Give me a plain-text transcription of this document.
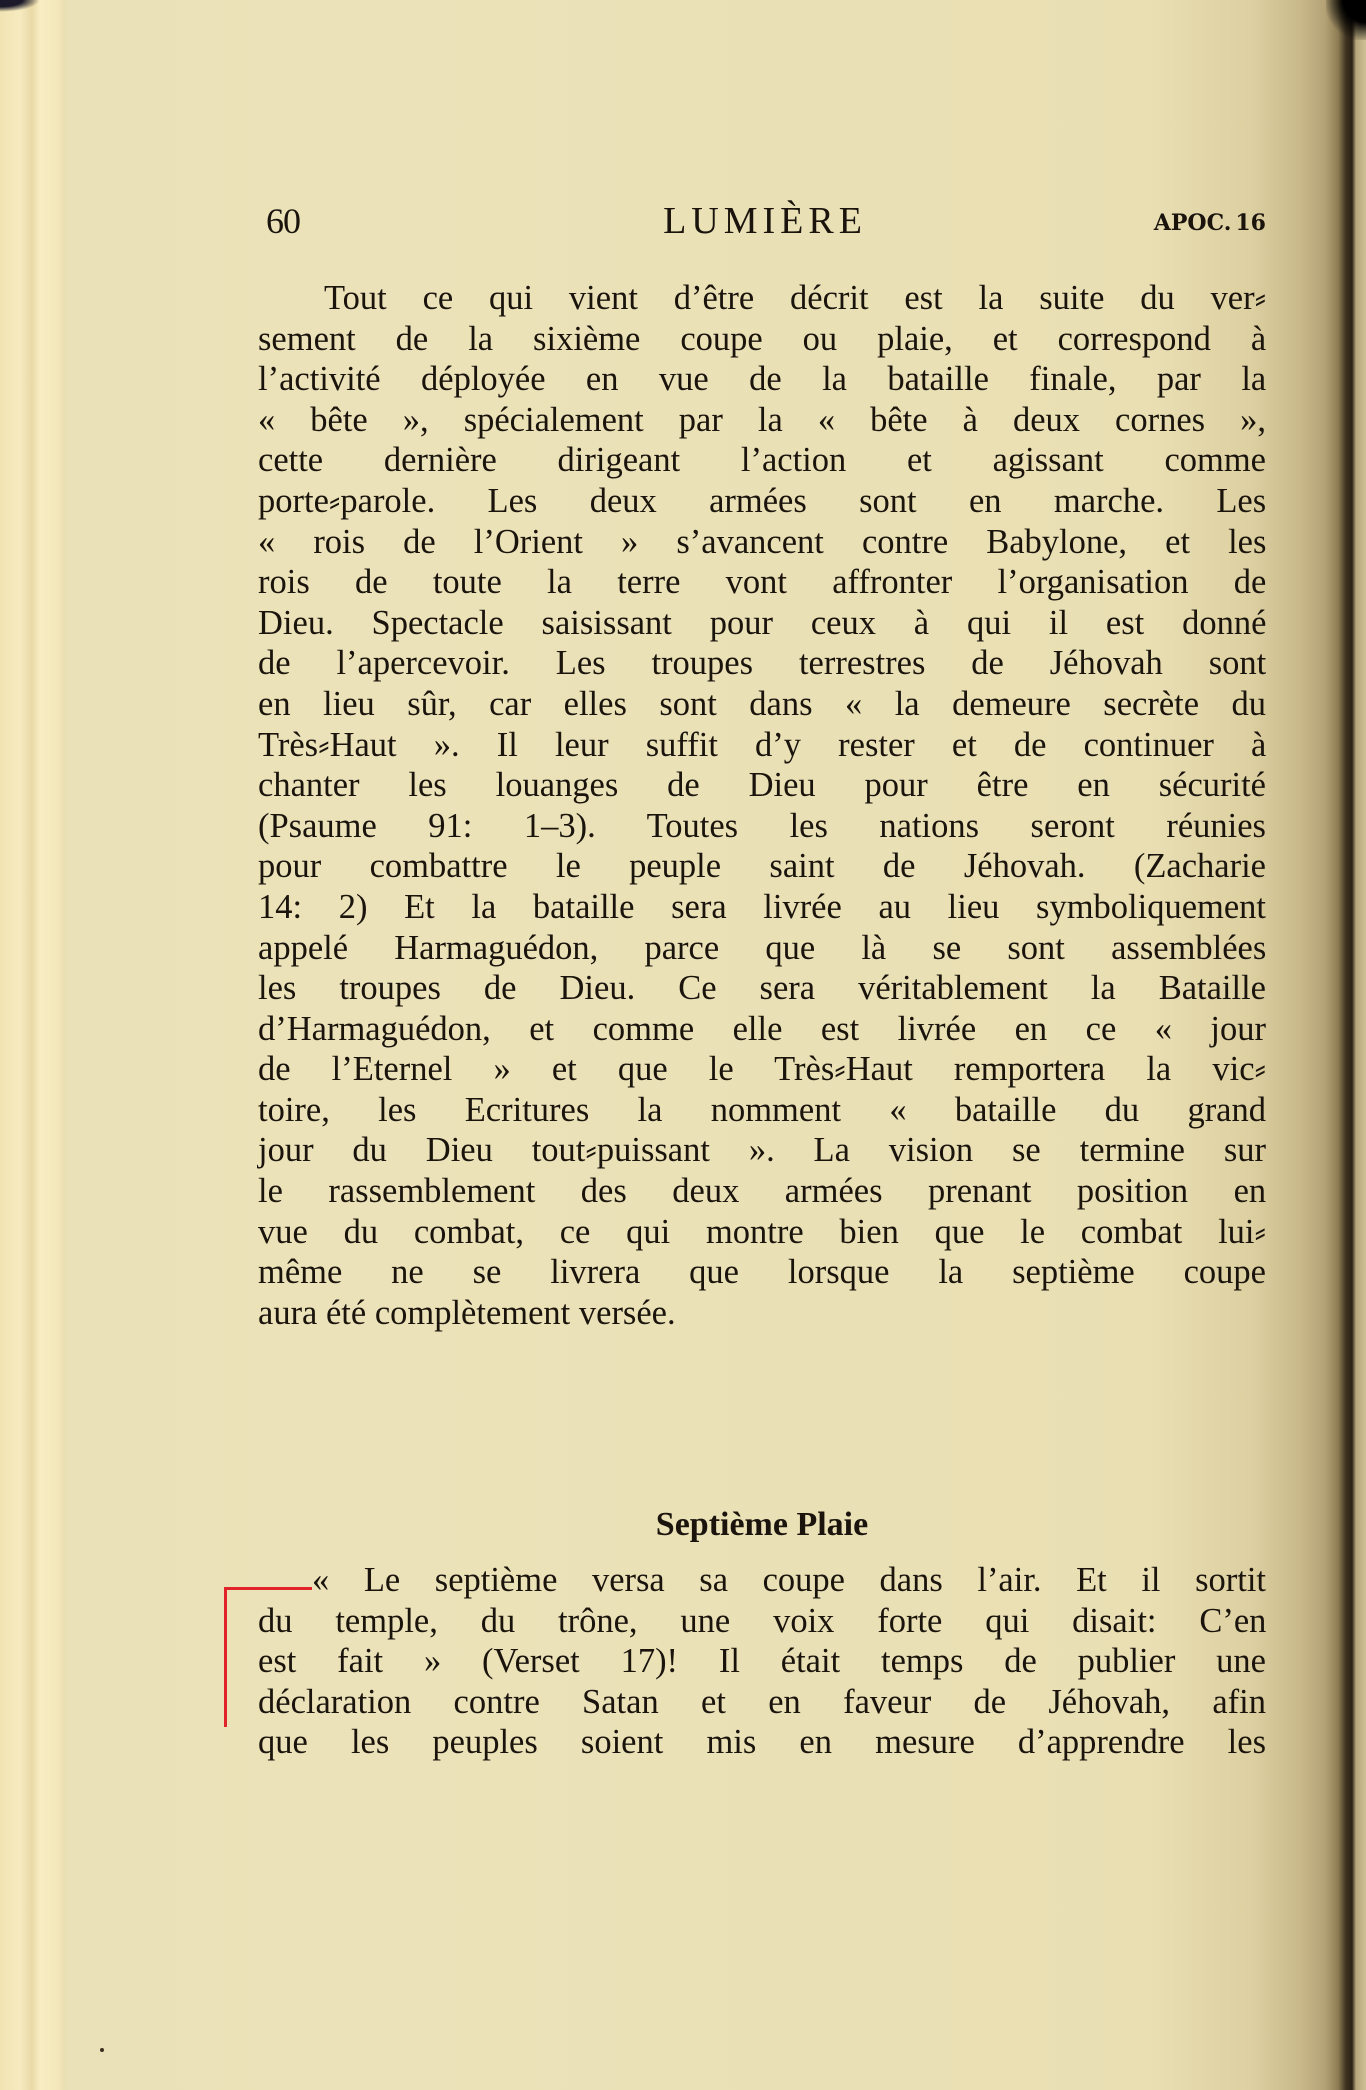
60	LUMIÈRE	APOC. 16
Tout ce qui vient d’être décrit est la suite du ver⸗
sement de la sixième coupe ou plaie, et correspond à
l’activité déployée en vue de la bataille finale, par la
« bête », spécialement par la « bête à deux cornes »,
cette dernière dirigeant l’action et agissant comme
porte⸗parole. Les deux armées sont en marche. Les
« rois de l’Orient » s’avancent contre Babylone, et les
rois de toute la terre vont affronter l’organisation de
Dieu. Spectacle saisissant pour ceux à qui il est donné
de l’apercevoir. Les troupes terrestres de Jéhovah sont
en lieu sûr, car elles sont dans « la demeure secrète du
Très⸗Haut ». Il leur suffit d’y rester et de continuer à
chanter les louanges de Dieu pour être en sécurité
(Psaume 91: 1–3). Toutes les nations seront réunies
pour combattre le peuple saint de Jéhovah. (Zacharie
14: 2) Et la bataille sera livrée au lieu symboliquement
appelé Harmaguédon, parce que là se sont assemblées
les troupes de Dieu. Ce sera véritablement la Bataille
d’Harmaguédon, et comme elle est livrée en ce « jour
de l’Eternel » et que le Très⸗Haut remportera la vic⸗
toire, les Ecritures la nomment « bataille du grand
jour du Dieu tout⸗puissant ». La vision se termine sur
le rassemblement des deux armées prenant position en
vue du combat, ce qui montre bien que le combat lui⸗
même ne se livrera que lorsque la septième coupe
aura été complètement versée.
Septième Plaie
« Le septième versa sa coupe dans l’air. Et il sortit
du temple, du trône, une voix forte qui disait: C’en
est fait » (Verset 17)! Il était temps de publier une
déclaration contre Satan et en faveur de Jéhovah, afin
que les peuples soient mis en mesure d’apprendre les
